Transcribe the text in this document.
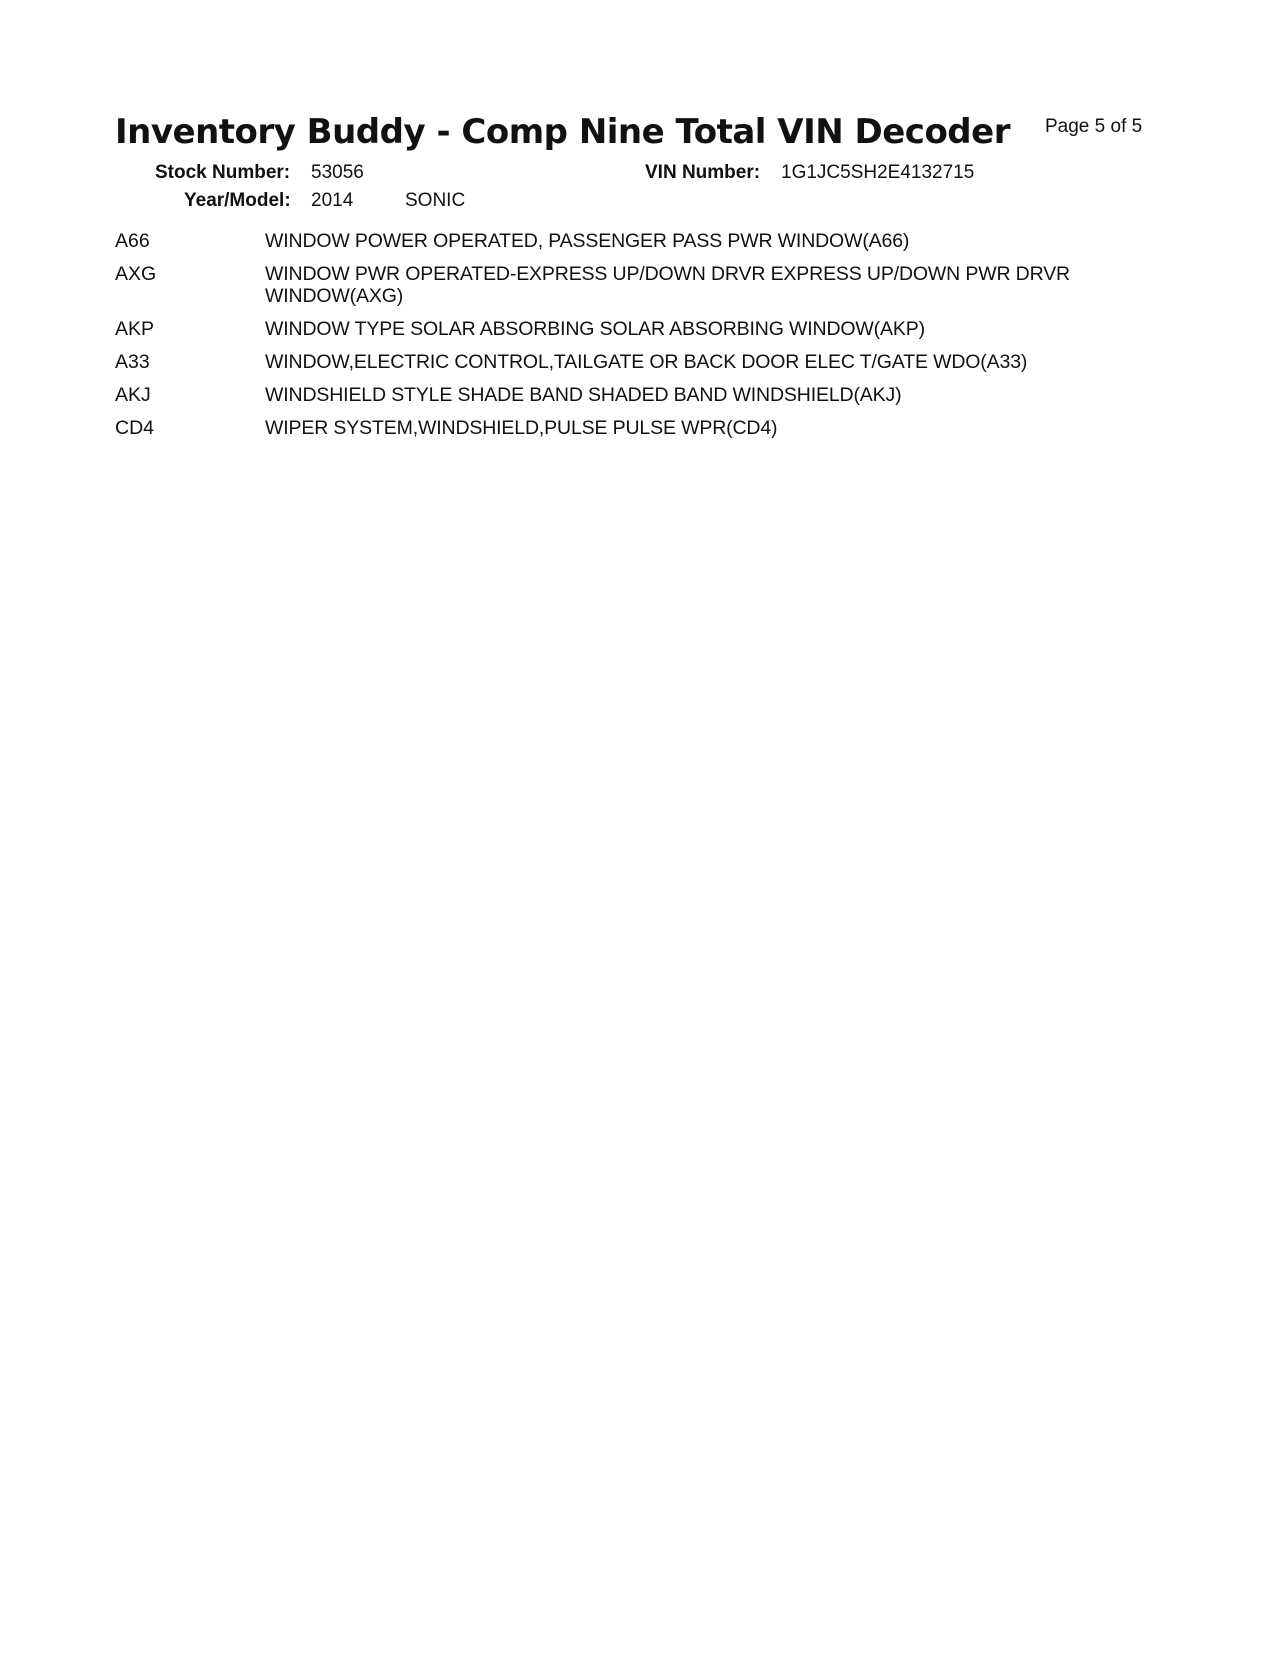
Inventory Buddy - Comp Nine Total VIN Decoder Page 5 of 5
Stock Number: 53056	VIN Number: 1G1JC5SH2E4132715
Year/Model: 2014	SONIC
A66	WINDOW POWER OPERATED, PASSENGER PASS PWR WINDOW(A66)
AXG	WINDOW PWR OPERATED-EXPRESS UP/DOWN DRVR EXPRESS UP/DOWN PWR DRVR WINDOW(AXG)
AKP	WINDOW TYPE SOLAR ABSORBING SOLAR ABSORBING WINDOW(AKP)
A33	WINDOW,ELECTRIC CONTROL,TAILGATE OR BACK DOOR ELEC T/GATE WDO(A33)
AKJ	WINDSHIELD STYLE SHADE BAND SHADED BAND WINDSHIELD(AKJ)
CD4	WIPER SYSTEM,WINDSHIELD,PULSE PULSE WPR(CD4)
